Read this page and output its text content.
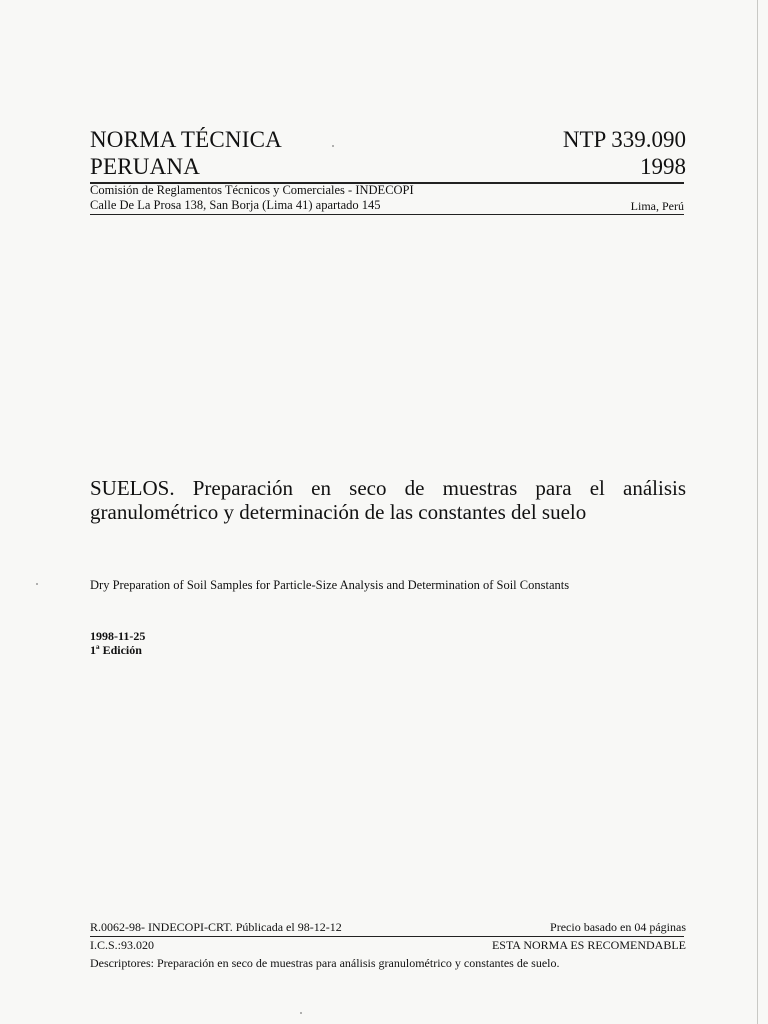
NORMA TÉCNICA
PERUANA
NTP 339.090
1998
Comisión de Reglamentos Técnicos y Comerciales - INDECOPI
Calle De La Prosa 138, San Borja (Lima 41) apartado 145	Lima, Perú
SUELOS. Preparación en seco de muestras para el análisis granulométrico y determinación de las constantes del suelo
Dry Preparation of Soil Samples for Particle-Size Analysis and Determination of Soil Constants
1998-11-25
1ª Edición
R.0062-98- INDECOPI-CRT. Públicada el 98-12-12	Precio basado en 04 páginas
I.C.S.:93.020	ESTA NORMA ES RECOMENDABLE
Descriptores: Preparación en seco de muestras para análisis granulométrico y constantes de suelo.
